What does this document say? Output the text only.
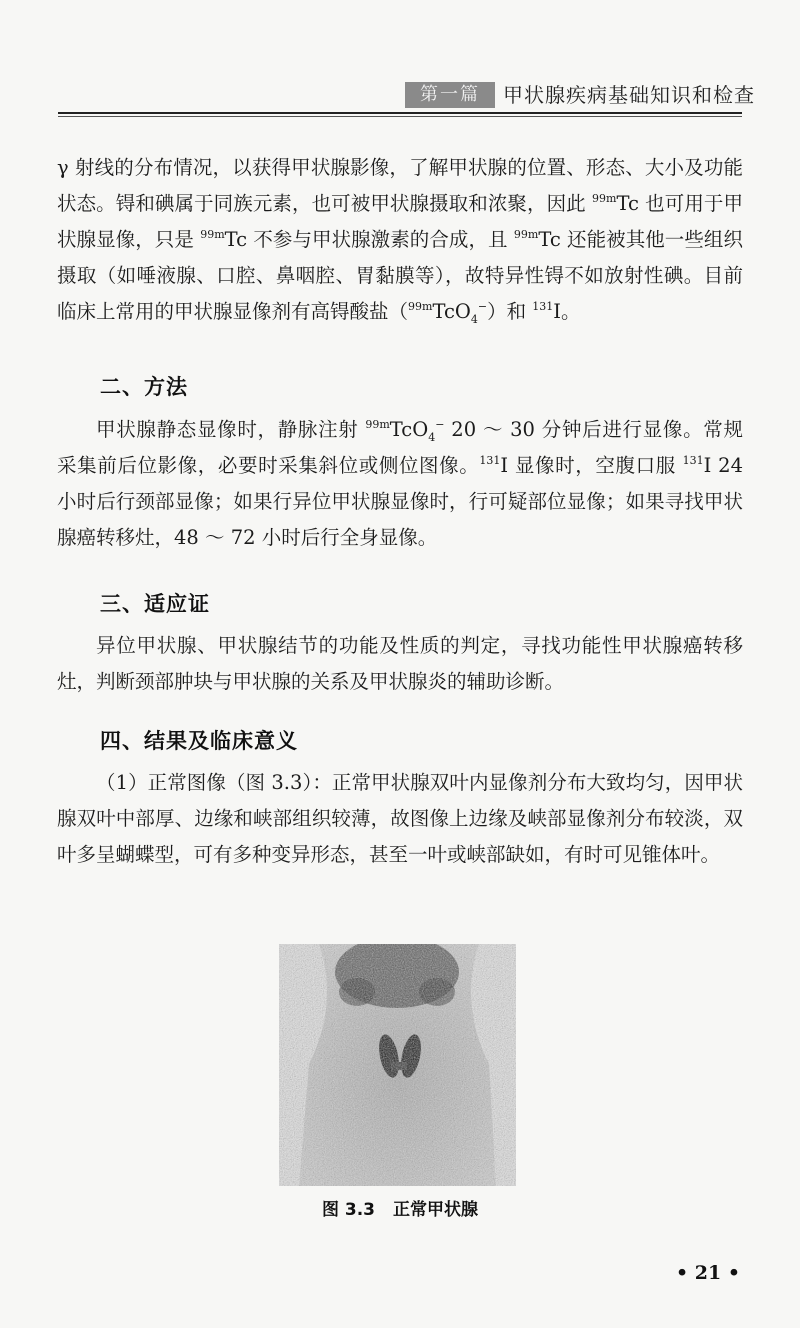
第一篇	甲状腺疾病基础知识和检查

γ 射线的分布情况，以获得甲状腺影像，了解甲状腺的位置、形态、大小及功能状态。锝和碘属于同族元素，也可被甲状腺摄取和浓聚，因此 $^{99m}$Tc 也可用于甲状腺显像，只是 $^{99m}$Tc 不参与甲状腺激素的合成，且 $^{99m}$Tc 还能被其他一些组织摄取（如唾液腺、口腔、鼻咽腔、胃黏膜等），故特异性锝不如放射性碘。目前临床上常用的甲状腺显像剂有高锝酸盐（$^{99m}$TcO$_4$−）和 $^{131}$I。

二、方法

甲状腺静态显像时，静脉注射 $^{99m}$TcO$_4$− 20 ～ 30 分钟后进行显像。常规采集前后位影像，必要时采集斜位或侧位图像。$^{131}$I 显像时，空腹口服 $^{131}$I 24 小时后行颈部显像；如果行异位甲状腺显像时，行可疑部位显像；如果寻找甲状腺癌转移灶，48 ～ 72 小时后行全身显像。

三、适应证

异位甲状腺、甲状腺结节的功能及性质的判定，寻找功能性甲状腺癌转移灶，判断颈部肿块与甲状腺的关系及甲状腺炎的辅助诊断。

四、结果及临床意义

（1）正常图像（图 3.3）：正常甲状腺双叶内显像剂分布大致均匀，因甲状腺双叶中部厚、边缘和峡部组织较薄，故图像上边缘及峡部显像剂分布较淡，双叶多呈蝴蝶型，可有多种变异形态，甚至一叶或峡部缺如，有时可见锥体叶。

图 3.3 正常甲状腺
• 21 •
